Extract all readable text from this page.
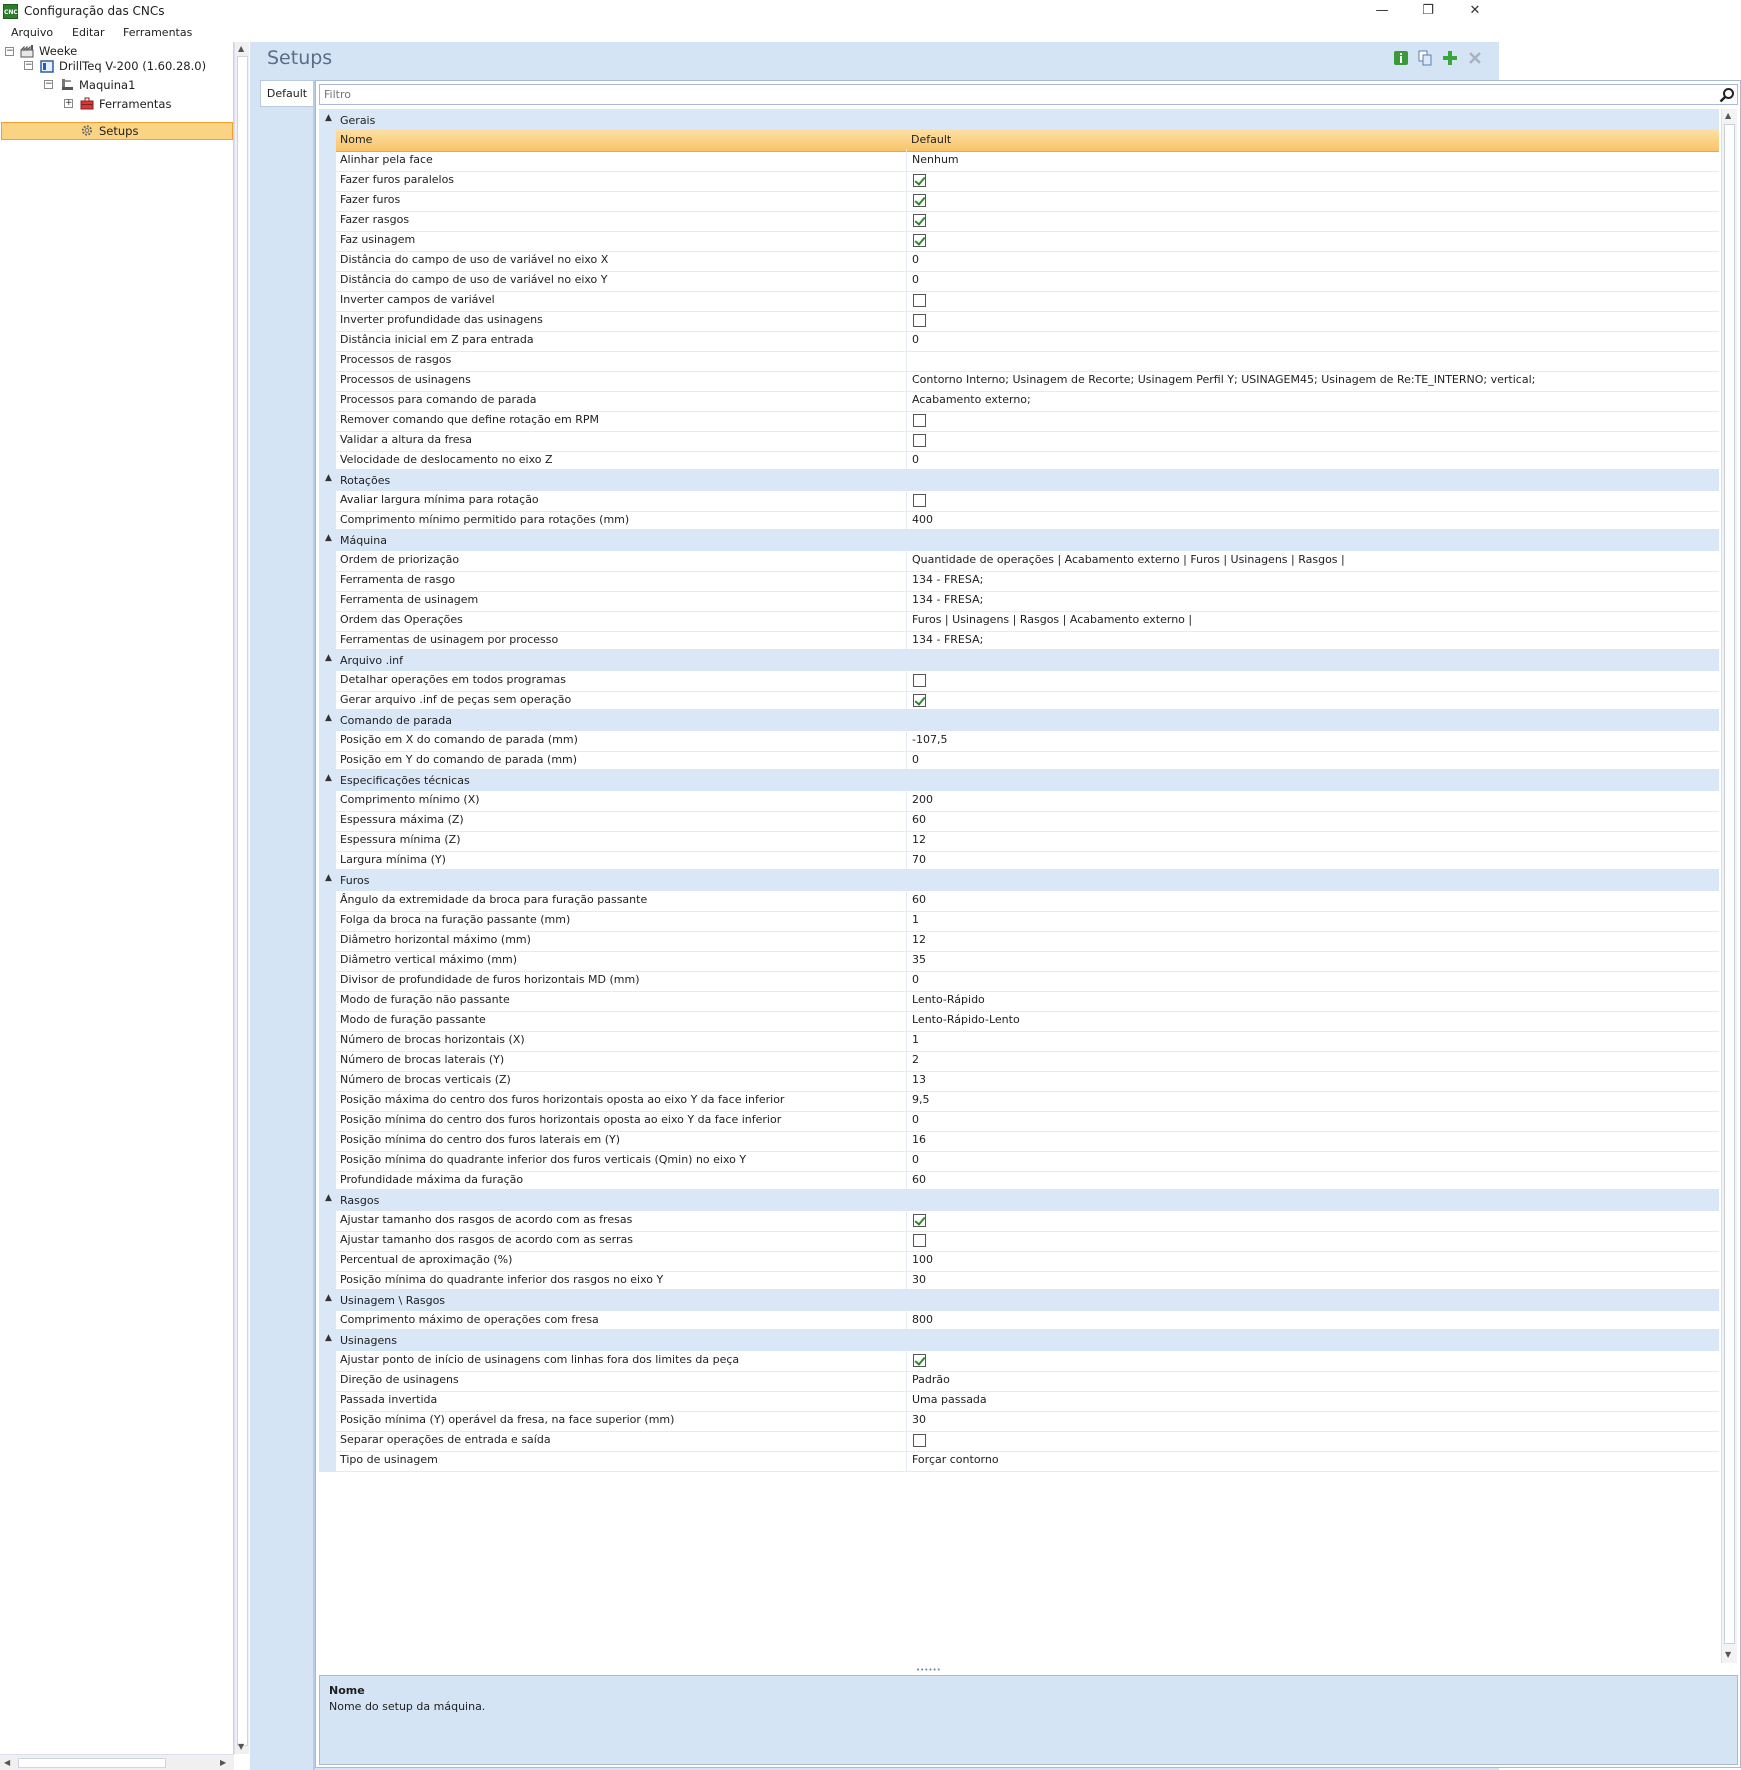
CNC Configuração das CNCs	—	❐	✕
Arquivo Editar Ferramentas
− Weeke
− DrillTeq V-200 (1.60.28.0)
− Maquina1
+ Ferramentas
Setups
▲
▼
◀	▶
Setups
Default
Filtro
▲ Gerais
Nome	Default
Alinhar pela face	Nenhum
Fazer furos paralelos
Fazer furos
Fazer rasgos
Faz usinagem
Distância do campo de uso de variável no eixo X	0
Distância do campo de uso de variável no eixo Y	0
Inverter campos de variável
Inverter profundidade das usinagens
Distância inicial em Z para entrada	0
Processos de rasgos
Processos de usinagens	Contorno Interno; Usinagem de Recorte; Usinagem Perfil Y; USINAGEM45; Usinagem de Re:TE_INTERNO; vertical;
Processos para comando de parada	Acabamento externo;
Remover comando que define rotação em RPM
Validar a altura da fresa
Velocidade de deslocamento no eixo Z	0
▲ Rotações
Avaliar largura mínima para rotação
Comprimento mínimo permitido para rotações (mm)	400
▲ Máquina
Ordem de priorização	Quantidade de operações | Acabamento externo | Furos | Usinagens | Rasgos |
Ferramenta de rasgo	134 - FRESA;
Ferramenta de usinagem	134 - FRESA;
Ordem das Operações	Furos | Usinagens | Rasgos | Acabamento externo |
Ferramentas de usinagem por processo	134 - FRESA;
▲ Arquivo .inf
Detalhar operações em todos programas
Gerar arquivo .inf de peças sem operação
▲ Comando de parada
Posição em X do comando de parada (mm)	-107,5
Posição em Y do comando de parada (mm)	0
▲ Especificações técnicas
Comprimento mínimo (X)	200
Espessura máxima (Z)	60
Espessura mínima (Z)	12
Largura mínima (Y)	70
▲ Furos
Ângulo da extremidade da broca para furação passante	60
Folga da broca na furação passante (mm)	1
Diâmetro horizontal máximo (mm)	12
Diâmetro vertical máximo (mm)	35
Divisor de profundidade de furos horizontais MD (mm)	0
Modo de furação não passante	Lento-Rápido
Modo de furação passante	Lento-Rápido-Lento
Número de brocas horizontais (X)	1
Número de brocas laterais (Y)	2
Número de brocas verticais (Z)	13
Posição máxima do centro dos furos horizontais oposta ao eixo Y da face inferior	9,5
Posição mínima do centro dos furos horizontais oposta ao eixo Y da face inferior	0
Posição mínima do centro dos furos laterais em (Y)	16
Posição mínima do quadrante inferior dos furos verticais (Qmin) no eixo Y	0
Profundidade máxima da furação	60
▲ Rasgos
Ajustar tamanho dos rasgos de acordo com as fresas
Ajustar tamanho dos rasgos de acordo com as serras
Percentual de aproximação (%)	100
Posição mínima do quadrante inferior dos rasgos no eixo Y	30
▲ Usinagem \ Rasgos
Comprimento máximo de operações com fresa	800
▲ Usinagens
Ajustar ponto de início de usinagens com linhas fora dos limites da peça
Direção de usinagens	Padrão
Passada invertida	Uma passada
Posição mínima (Y) operável da fresa, na face superior (mm)	30
Separar operações de entrada e saída
Tipo de usinagem	Forçar contorno
▲
▼
••••••
Nome
Nome do setup da máquina.
